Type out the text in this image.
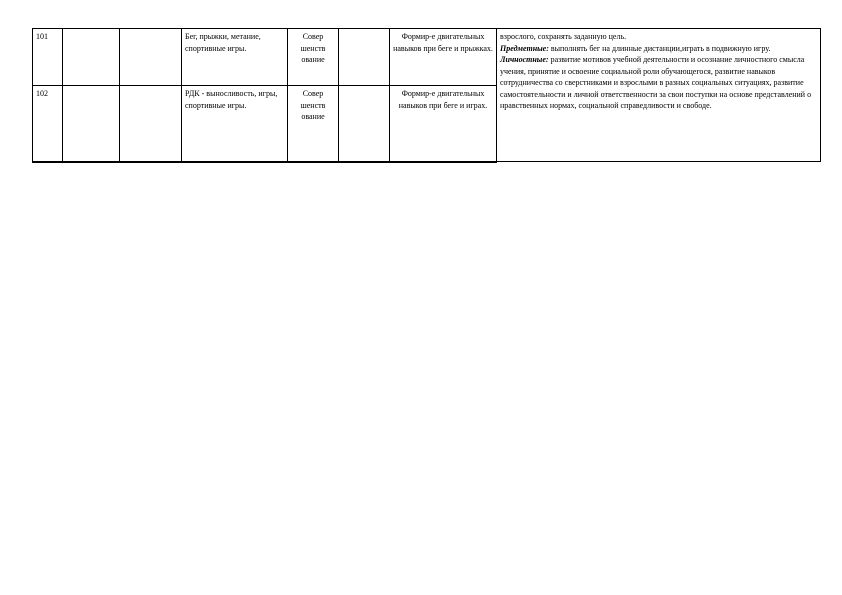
101			Бег, прыжки, метание, спортивные игры.	Совер шенств ование		Формир-е двигательных навыков при беге и прыжках.	взрослого, сохранять заданную цель.

Предметные: выполнять бег на длинные дистанции,играть в подвижную игру.

Личностные: развитие мотивов учебной деятельности и осознание личностного смысла учения, принятие и освоение социальной роли обучающегося, развитие навыков сотрудничества со сверстниками и взрослыми в разных социальных ситуациях, развитие самостоятельности и личной ответственности за свои поступки на основе представлений о нравственных нормах, социальной справедливости и свободе.

102			РДК - выносливость, игры, спортивные игры.	Совер шенств ование		Формир-е двигательных навыков при беге и играх.	
